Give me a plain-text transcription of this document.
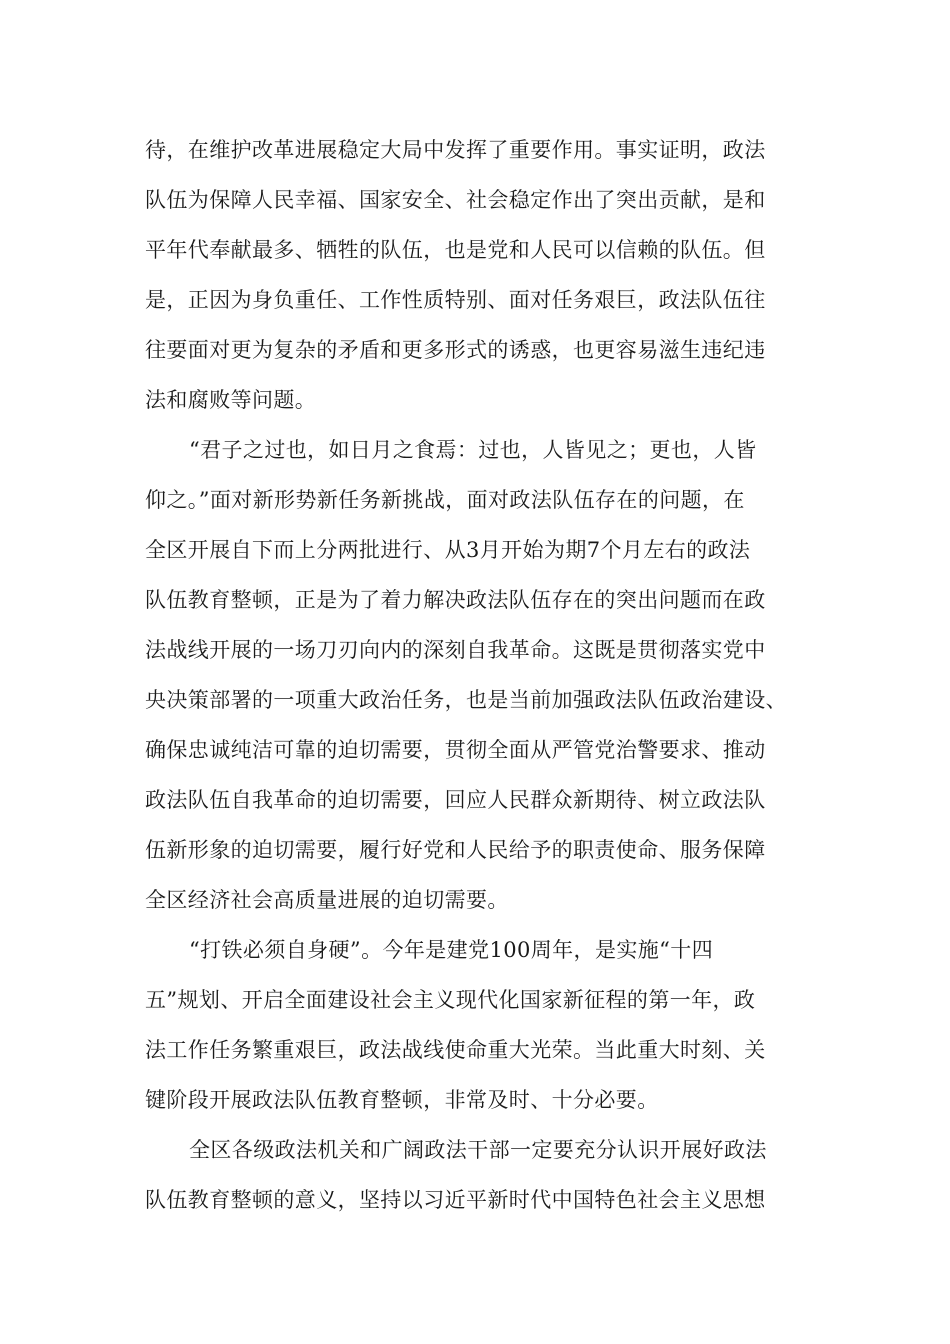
待，在维护改革进展稳定大局中发挥了重要作用。事实证明，政法
队伍为保障人民幸福、国家安全、社会稳定作出了突出贡献，是和
平年代奉献最多、牺牲的队伍，也是党和人民可以信赖的队伍。但
是，正因为身负重任、工作性质特别、面对任务艰巨，政法队伍往
往要面对更为复杂的矛盾和更多形式的诱惑，也更容易滋生违纪违
法和腐败等问题。
“君子之过也，如日月之食焉：过也，人皆见之；更也，人皆
仰之。”面对新形势新任务新挑战，面对政法队伍存在的问题，在
全区开展自下而上分两批进行、从3月开始为期7个月左右的政法
队伍教育整顿，正是为了着力解决政法队伍存在的突出问题而在政
法战线开展的一场刀刃向内的深刻自我革命。这既是贯彻落实党中
央决策部署的一项重大政治任务，也是当前加强政法队伍政治建设、
确保忠诚纯洁可靠的迫切需要，贯彻全面从严管党治警要求、推动
政法队伍自我革命的迫切需要，回应人民群众新期待、树立政法队
伍新形象的迫切需要，履行好党和人民给予的职责使命、服务保障
全区经济社会高质量进展的迫切需要。
“打铁必须自身硬”。今年是建党100周年，是实施“十四
五”规划、开启全面建设社会主义现代化国家新征程的第一年，政
法工作任务繁重艰巨，政法战线使命重大光荣。当此重大时刻、关
键阶段开展政法队伍教育整顿，非常及时、十分必要。
全区各级政法机关和广阔政法干部一定要充分认识开展好政法
队伍教育整顿的意义，坚持以习近平新时代中国特色社会主义思想
